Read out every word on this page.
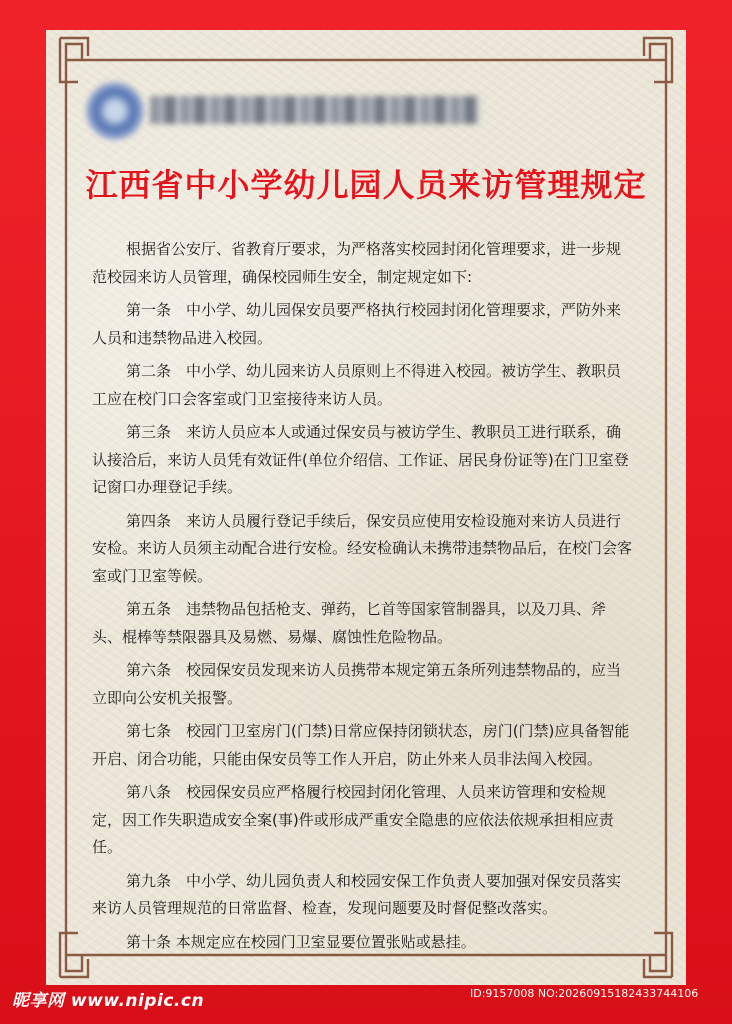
江西省中小学幼儿园人员来访管理规定

根据省公安厅、省教育厅要求，为严格落实校园封闭化管理要求，进一步规范校园来访人员管理，确保校园师生安全，制定规定如下:

第一条　中小学、幼儿园保安员要严格执行校园封闭化管理要求，严防外来人员和违禁物品进入校园。

第二条　中小学、幼儿园来访人员原则上不得进入校园。被访学生、教职员工应在校门口会客室或门卫室接待来访人员。

第三条　来访人员应本人或通过保安员与被访学生、教职员工进行联系，确认接洽后，来访人员凭有效证件(单位介绍信、工作证、居民身份证等)在门卫室登记窗口办理登记手续。

第四条　来访人员履行登记手续后，保安员应使用安检设施对来访人员进行安检。来访人员须主动配合进行安检。经安检确认未携带违禁物品后，在校门会客室或门卫室等候。

第五条　违禁物品包括枪支、弹药，匕首等国家管制器具，以及刀具、斧头、棍棒等禁限器具及易燃、易爆、腐蚀性危险物品。

第六条　校园保安员发现来访人员携带本规定第五条所列违禁物品的，应当立即向公安机关报警。

第七条　校园门卫室房门(门禁)日常应保持闭锁状态，房门(门禁)应具备智能开启、闭合功能，只能由保安员等工作人开启，防止外来人员非法闯入校园。

第八条　校园保安员应严格履行校园封闭化管理、人员来访管理和安检规定，因工作失职造成安全案(事)件或形成严重安全隐患的应依法依规承担相应责任。

第九条　中小学、幼儿园负责人和校园安保工作负责人要加强对保安员落实来访人员管理规范的日常监督、检查，发现问题要及时督促整改落实。

第十条 本规定应在校园门卫室显要位置张贴或悬挂。

昵享网 www.nipic.cn	ID:9157008 NO:20260915182433744106
